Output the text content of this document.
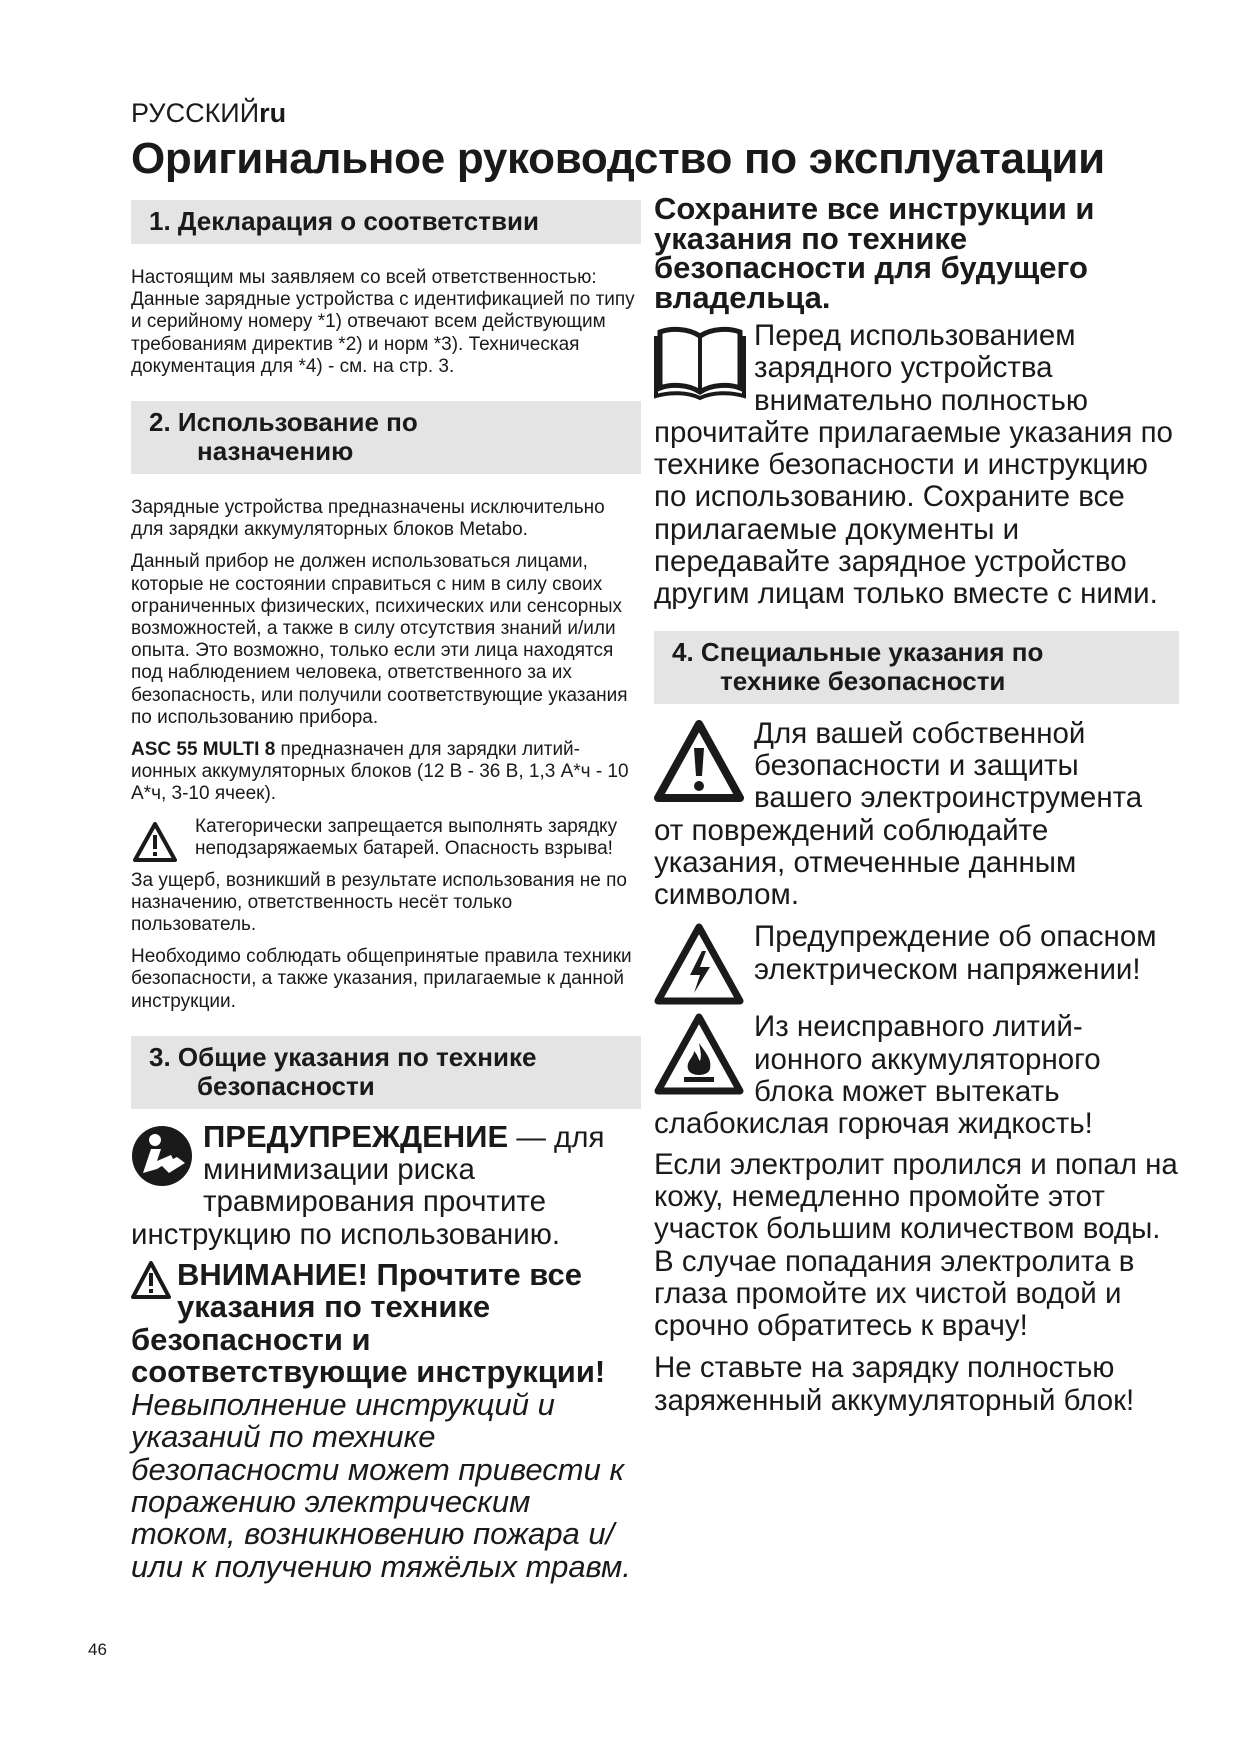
РУССКИЙru
Оригинальное руководство по эксплуатации
1. Декларация о соответствии

Настоящим мы заявляем со всей ответственностью: Данные зарядные устройства с идентификацией по типу и серийному номеру *1) отвечают всем действующим требованиям директив *2) и норм *3). Техническая документация для *4) - см. на стр. 3.

2. Использование по
назначению

Зарядные устройства предназначены исключительно для зарядки аккумуляторных блоков Metabo.

Данный прибор не должен использоваться лицами, которые не состоянии справиться с ним в силу своих ограниченных физических, психических или сенсорных возможностей, а также в силу отсутствия знаний и/или опыта. Это возможно, только если эти лица находятся под наблюдением человека, ответственного за их безопасность, или получили соответствующие указания по использованию прибора.

ASC 55 MULTI 8 предназначен для зарядки литий-ионных аккумуляторных блоков (12 В - 36 В, 1,3 А*ч - 10 А*ч, 3-10 ячеек).

Категорически запрещается выполнять зарядку неподзаряжаемых батарей. Опасность взрыва!

За ущерб, возникший в результате использования не по назначению, ответственность несёт только пользователь.

Необходимо соблюдать общепринятые правила техники безопасности, а также указания, прилагаемые к данной инструкции.

3. Общие указания по технике
безопасности
ПРЕДУПРЕЖДЕНИЕ — для минимизации риска травмирования прочтите инструкцию по использованию.
ВНИМАНИЕ! Прочтите все указания по технике безопасности и соответствующие инструкции!

Невыполнение инструкций и указаний по технике безопасности может привести к поражению электрическим током, возникновению пожара и/или к получению тяжёлых травм.

Сохраните все инструкции и указания по технике безопасности для будущего владельца.

Перед использованием зарядного устройства внимательно полностью прочитайте прилагаемые указания по технике безопасности и инструкцию по использованию. Сохраните все прилагаемые документы и передавайте зарядное устройство другим лицам только вместе с ними.
4. Специальные указания по
технике безопасности
Для вашей собственной безопасности и защиты вашего электроинструмента от повреждений соблюдайте указания, отмеченные данным символом.
Предупреждение об опасном электрическом напряжении!
Из неисправного литий-ионного аккумуляторного блока может вытекать слабокислая горючая жидкость!

Если электролит пролился и попал на кожу, немедленно промойте этот участок большим количеством воды. В случае попадания электролита в глаза промойте их чистой водой и срочно обратитесь к врачу!

Не ставьте на зарядку полностью заряженный аккумуляторный блок!

46
